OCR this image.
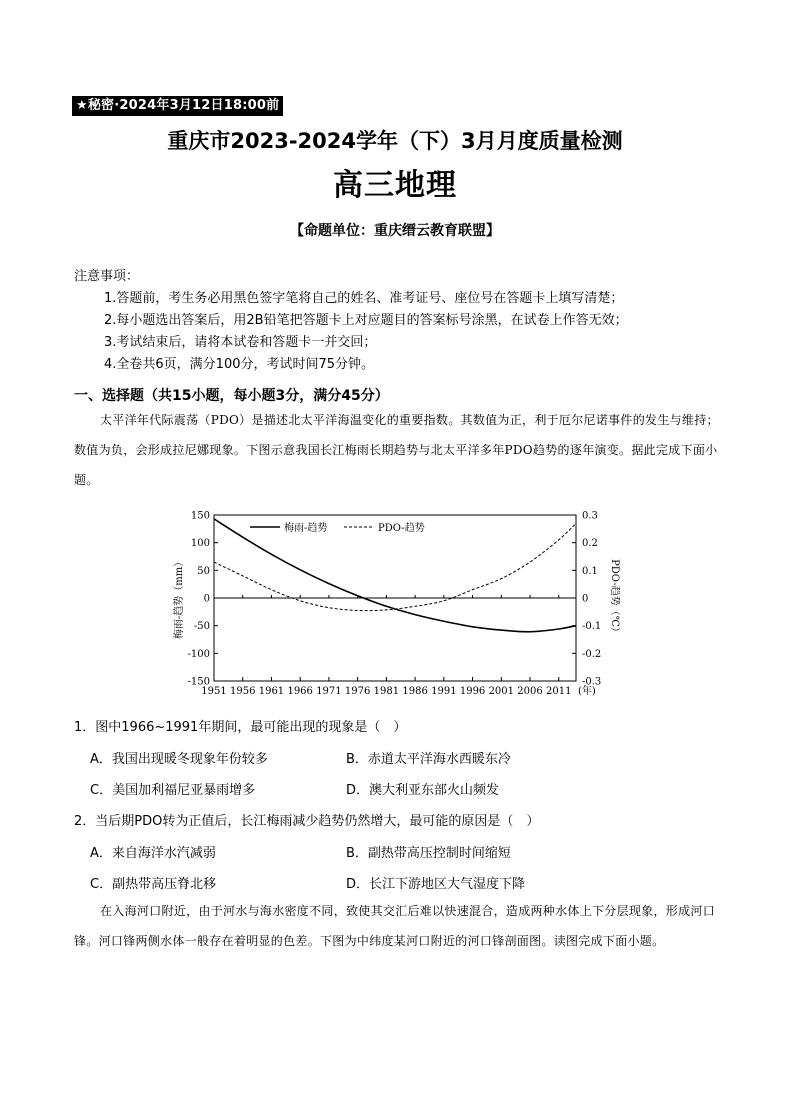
★秘密·2024年3月12日18:00前
重庆市2023-2024学年（下）3月月度质量检测
高三地理
【命题单位：重庆缙云教育联盟】
注意事项：
1.答题前，考生务必用黑色签字笔将自己的姓名、准考证号、座位号在答题卡上填写清楚；
2.每小题选出答案后，用2B铅笔把答题卡上对应题目的答案标号涂黑，在试卷上作答无效；
3.考试结束后，请将本试卷和答题卡一并交回；
4.全卷共6页，满分100分，考试时间75分钟。
一、选择题（共15小题，每小题3分，满分45分）
太平洋年代际震荡（PDO）是描述北太平洋海温变化的重要指数。其数值为正，利于厄尔尼诺事件的发生与维持；数值为负，会形成拉尼娜现象。下图示意我国长江梅雨长期趋势与北太平洋多年PDO趋势的逐年演变。据此完成下面小题。
1951 1956 1961 1966 1971 1976 1981 1986 1991 1996 2001 2006 2011 (年)
150
100
50
0
-50
-100
-150
0.3
0.2
0.1
0
-0.1
-0.2
-0.3
梅雨-趋势（mm）	PDO-趋势（℃）
梅雨-趋势	PDO-趋势
1．图中1966~1991年期间，最可能出现的现象是（　）
A．我国出现暖冬现象年份较多	B．赤道太平洋海水西暖东冷
C．美国加利福尼亚暴雨增多	D．澳大利亚东部火山频发
2．当后期PDO转为正值后，长江梅雨减少趋势仍然增大，最可能的原因是（　）
A．来自海洋水汽减弱	B．副热带高压控制时间缩短
C．副热带高压脊北移	D．长江下游地区大气湿度下降
在入海河口附近，由于河水与海水密度不同，致使其交汇后难以快速混合，造成两种水体上下分层现象，形成河口锋。河口锋两侧水体一般存在着明显的色差。下图为中纬度某河口附近的河口锋剖面图。读图完成下面小题。
